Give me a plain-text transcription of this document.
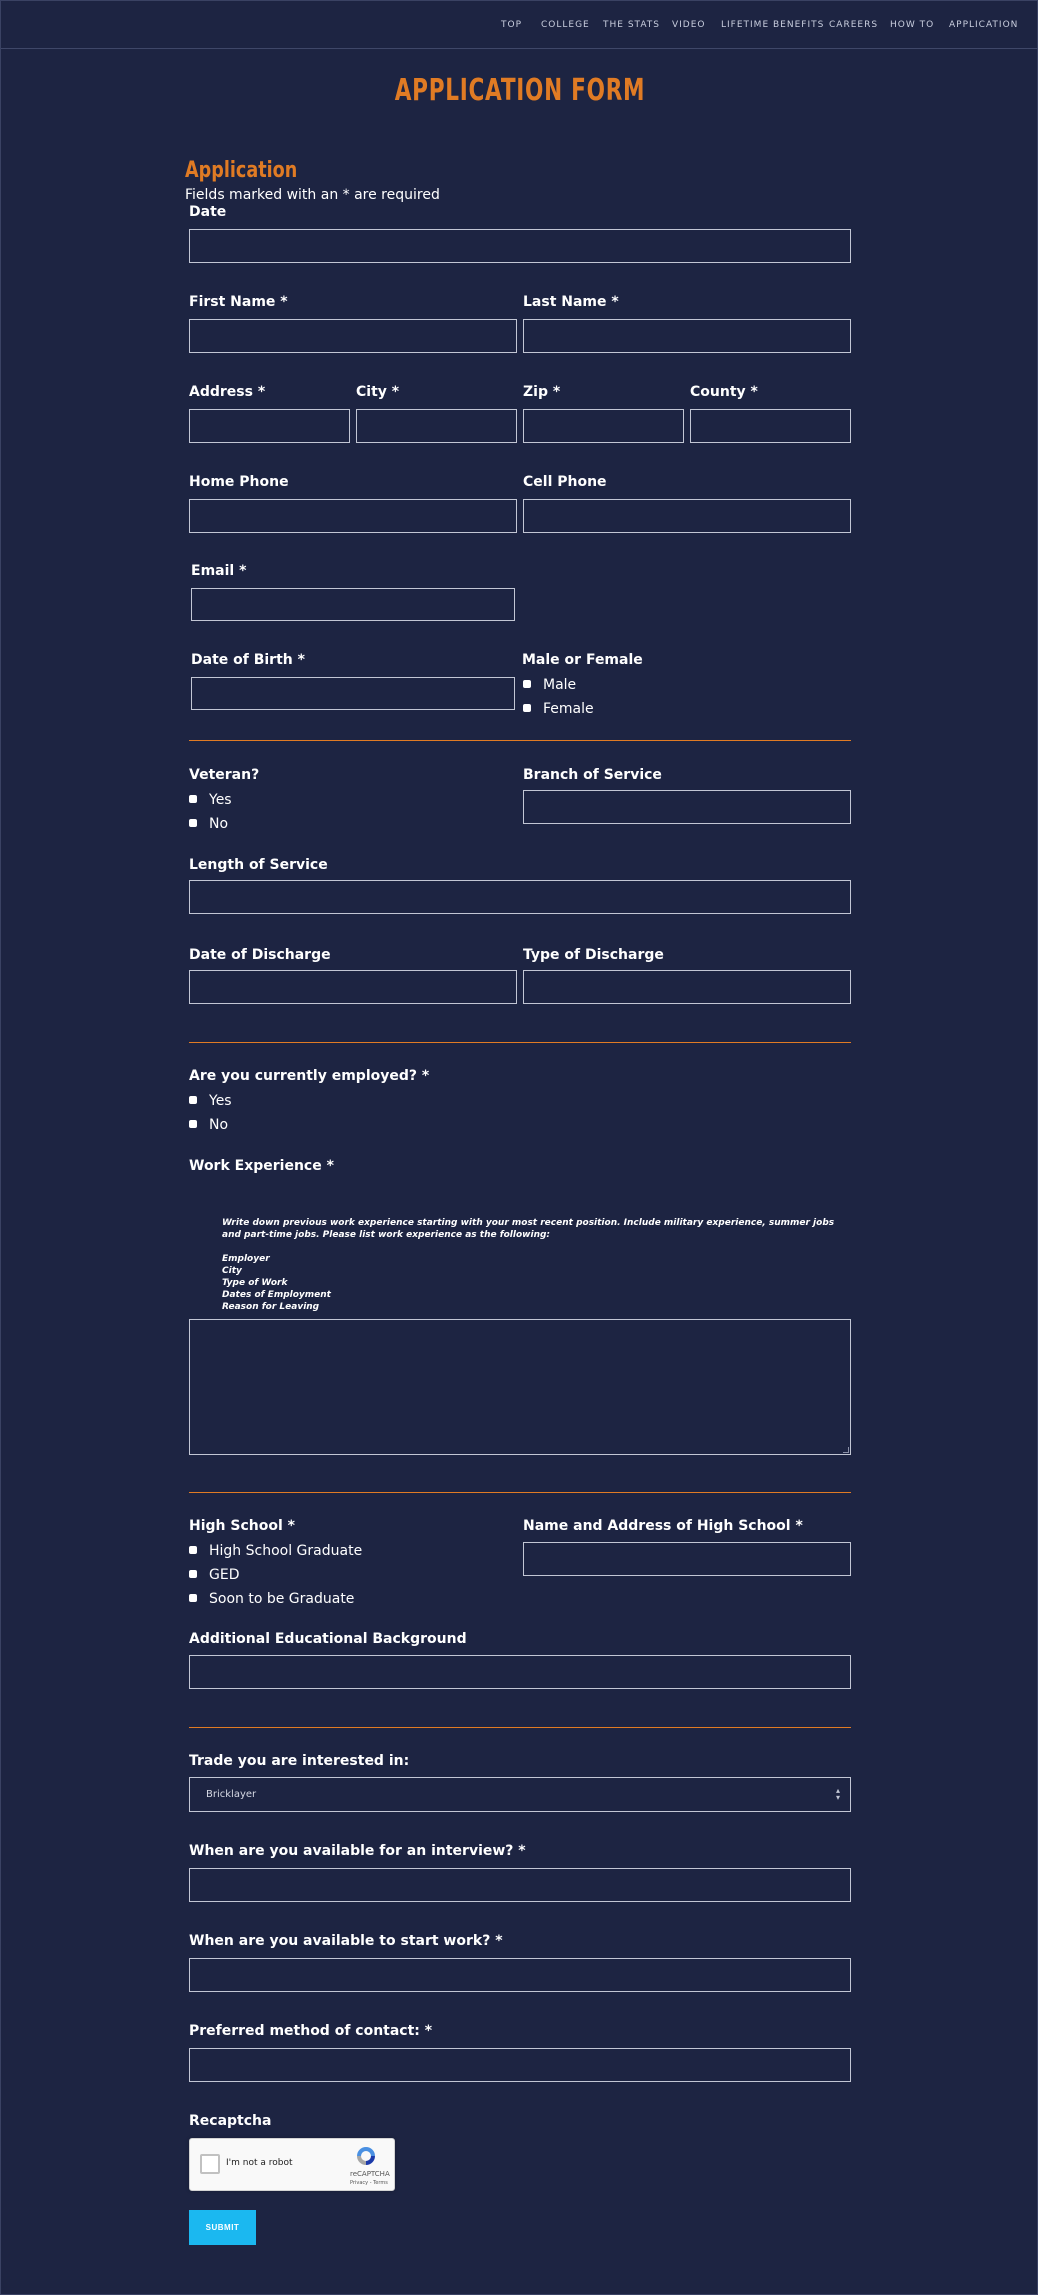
TOP COLLEGE THE STATS VIDEO LIFETIME BENEFITS CAREERS HOW TO APPLICATION
APPLICATION FORM
Application
Fields marked with an * are required
Date
First Name *	Last Name *
Address *	City *	Zip *	County *
Home Phone	Cell Phone
Email *
Date of Birth *	Male or Female
Male
Female
Veteran?
Yes
No
Branch of Service
Length of Service
Date of Discharge	Type of Discharge
Are you currently employed? *
Yes
No
Work Experience *
Write down previous work experience starting with your most recent position. Include military experience, summer jobs and part-time jobs. Please list work experience as the following:
Employer
City
Type of Work
Dates of Employment
Reason for Leaving
High School *
High School Graduate
GED
Soon to be Graduate
Name and Address of High School *
Additional Educational Background
Trade you are interested in:
Bricklayer	▴
▾
When are you available for an interview? *
When are you available to start work? *
Preferred method of contact: *
Recaptcha
I'm not a robot
reCAPTCHA
Privacy - Terms
SUBMIT
